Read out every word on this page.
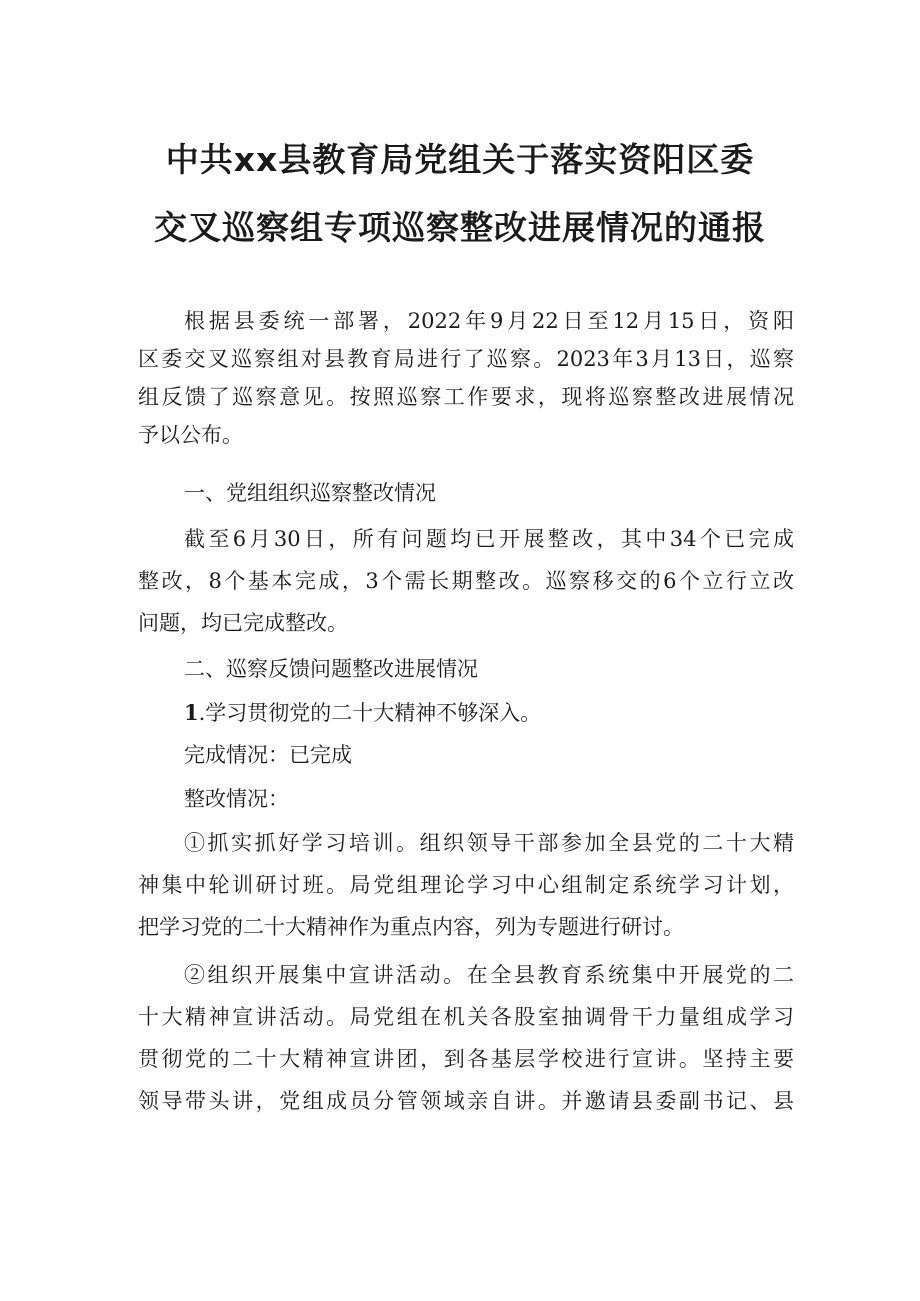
中共xx县教育局党组关于落实资阳区委
交叉巡察组专项巡察整改进展情况的通报
根据县委统一部署，2022年9月22日至12月15日，资阳
区委交叉巡察组对县教育局进行了巡察。2023年3月13日，巡察
组反馈了巡察意见。按照巡察工作要求，现将巡察整改进展情况
予以公布。
一、党组组织巡察整改情况
截至6月30日，所有问题均已开展整改，其中34个已完成
整改，8个基本完成，3个需长期整改。巡察移交的6个立行立改
问题，均已完成整改。
二、巡察反馈问题整改进展情况
1.学习贯彻党的二十大精神不够深入。
完成情况：已完成
整改情况：
①抓实抓好学习培训。组织领导干部参加全县党的二十大精
神集中轮训研讨班。局党组理论学习中心组制定系统学习计划，
把学习党的二十大精神作为重点内容，列为专题进行研讨。
②组织开展集中宣讲活动。在全县教育系统集中开展党的二
十大精神宣讲活动。局党组在机关各股室抽调骨干力量组成学习
贯彻党的二十大精神宣讲团，到各基层学校进行宣讲。坚持主要
领导带头讲，党组成员分管领域亲自讲。并邀请县委副书记、县
